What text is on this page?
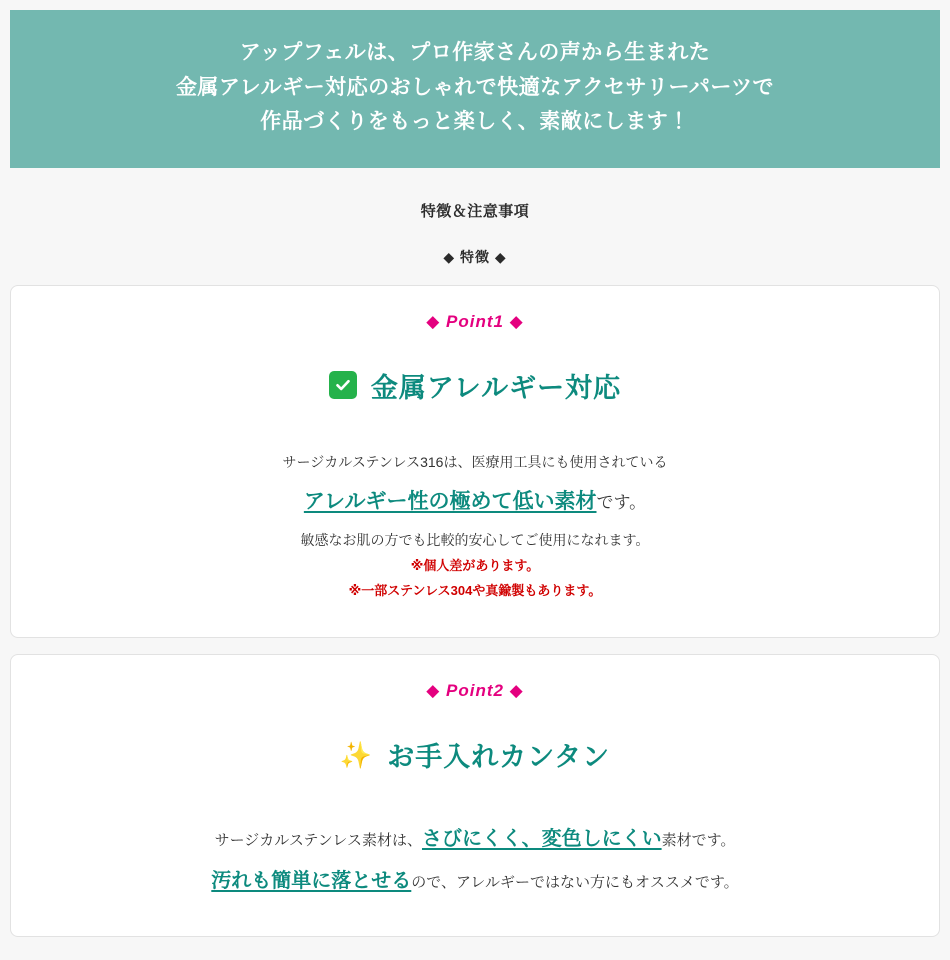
アップフェルは、プロ作家さんの声から生まれた
金属アレルギー対応のおしゃれで快適なアクセサリーパーツで
作品づくりをもっと楽しく、素敵にします！
特徴＆注意事項
◆ 特徴 ◆
◆ Point1 ◆
金属アレルギー対応
サージカルステンレス316は、医療用工具にも使用されている
アレルギー性の極めて低い素材です。
敏感なお肌の方でも比較的安心してご使用になれます。
※個人差があります。
※一部ステンレス304や真鍮製もあります。
◆ Point2 ◆
✨ お手入れカンタン
サージカルステンレス素材は、さびにくく、変色しにくい素材です。
汚れも簡単に落とせるので、アレルギーではない方にもオススメです。
